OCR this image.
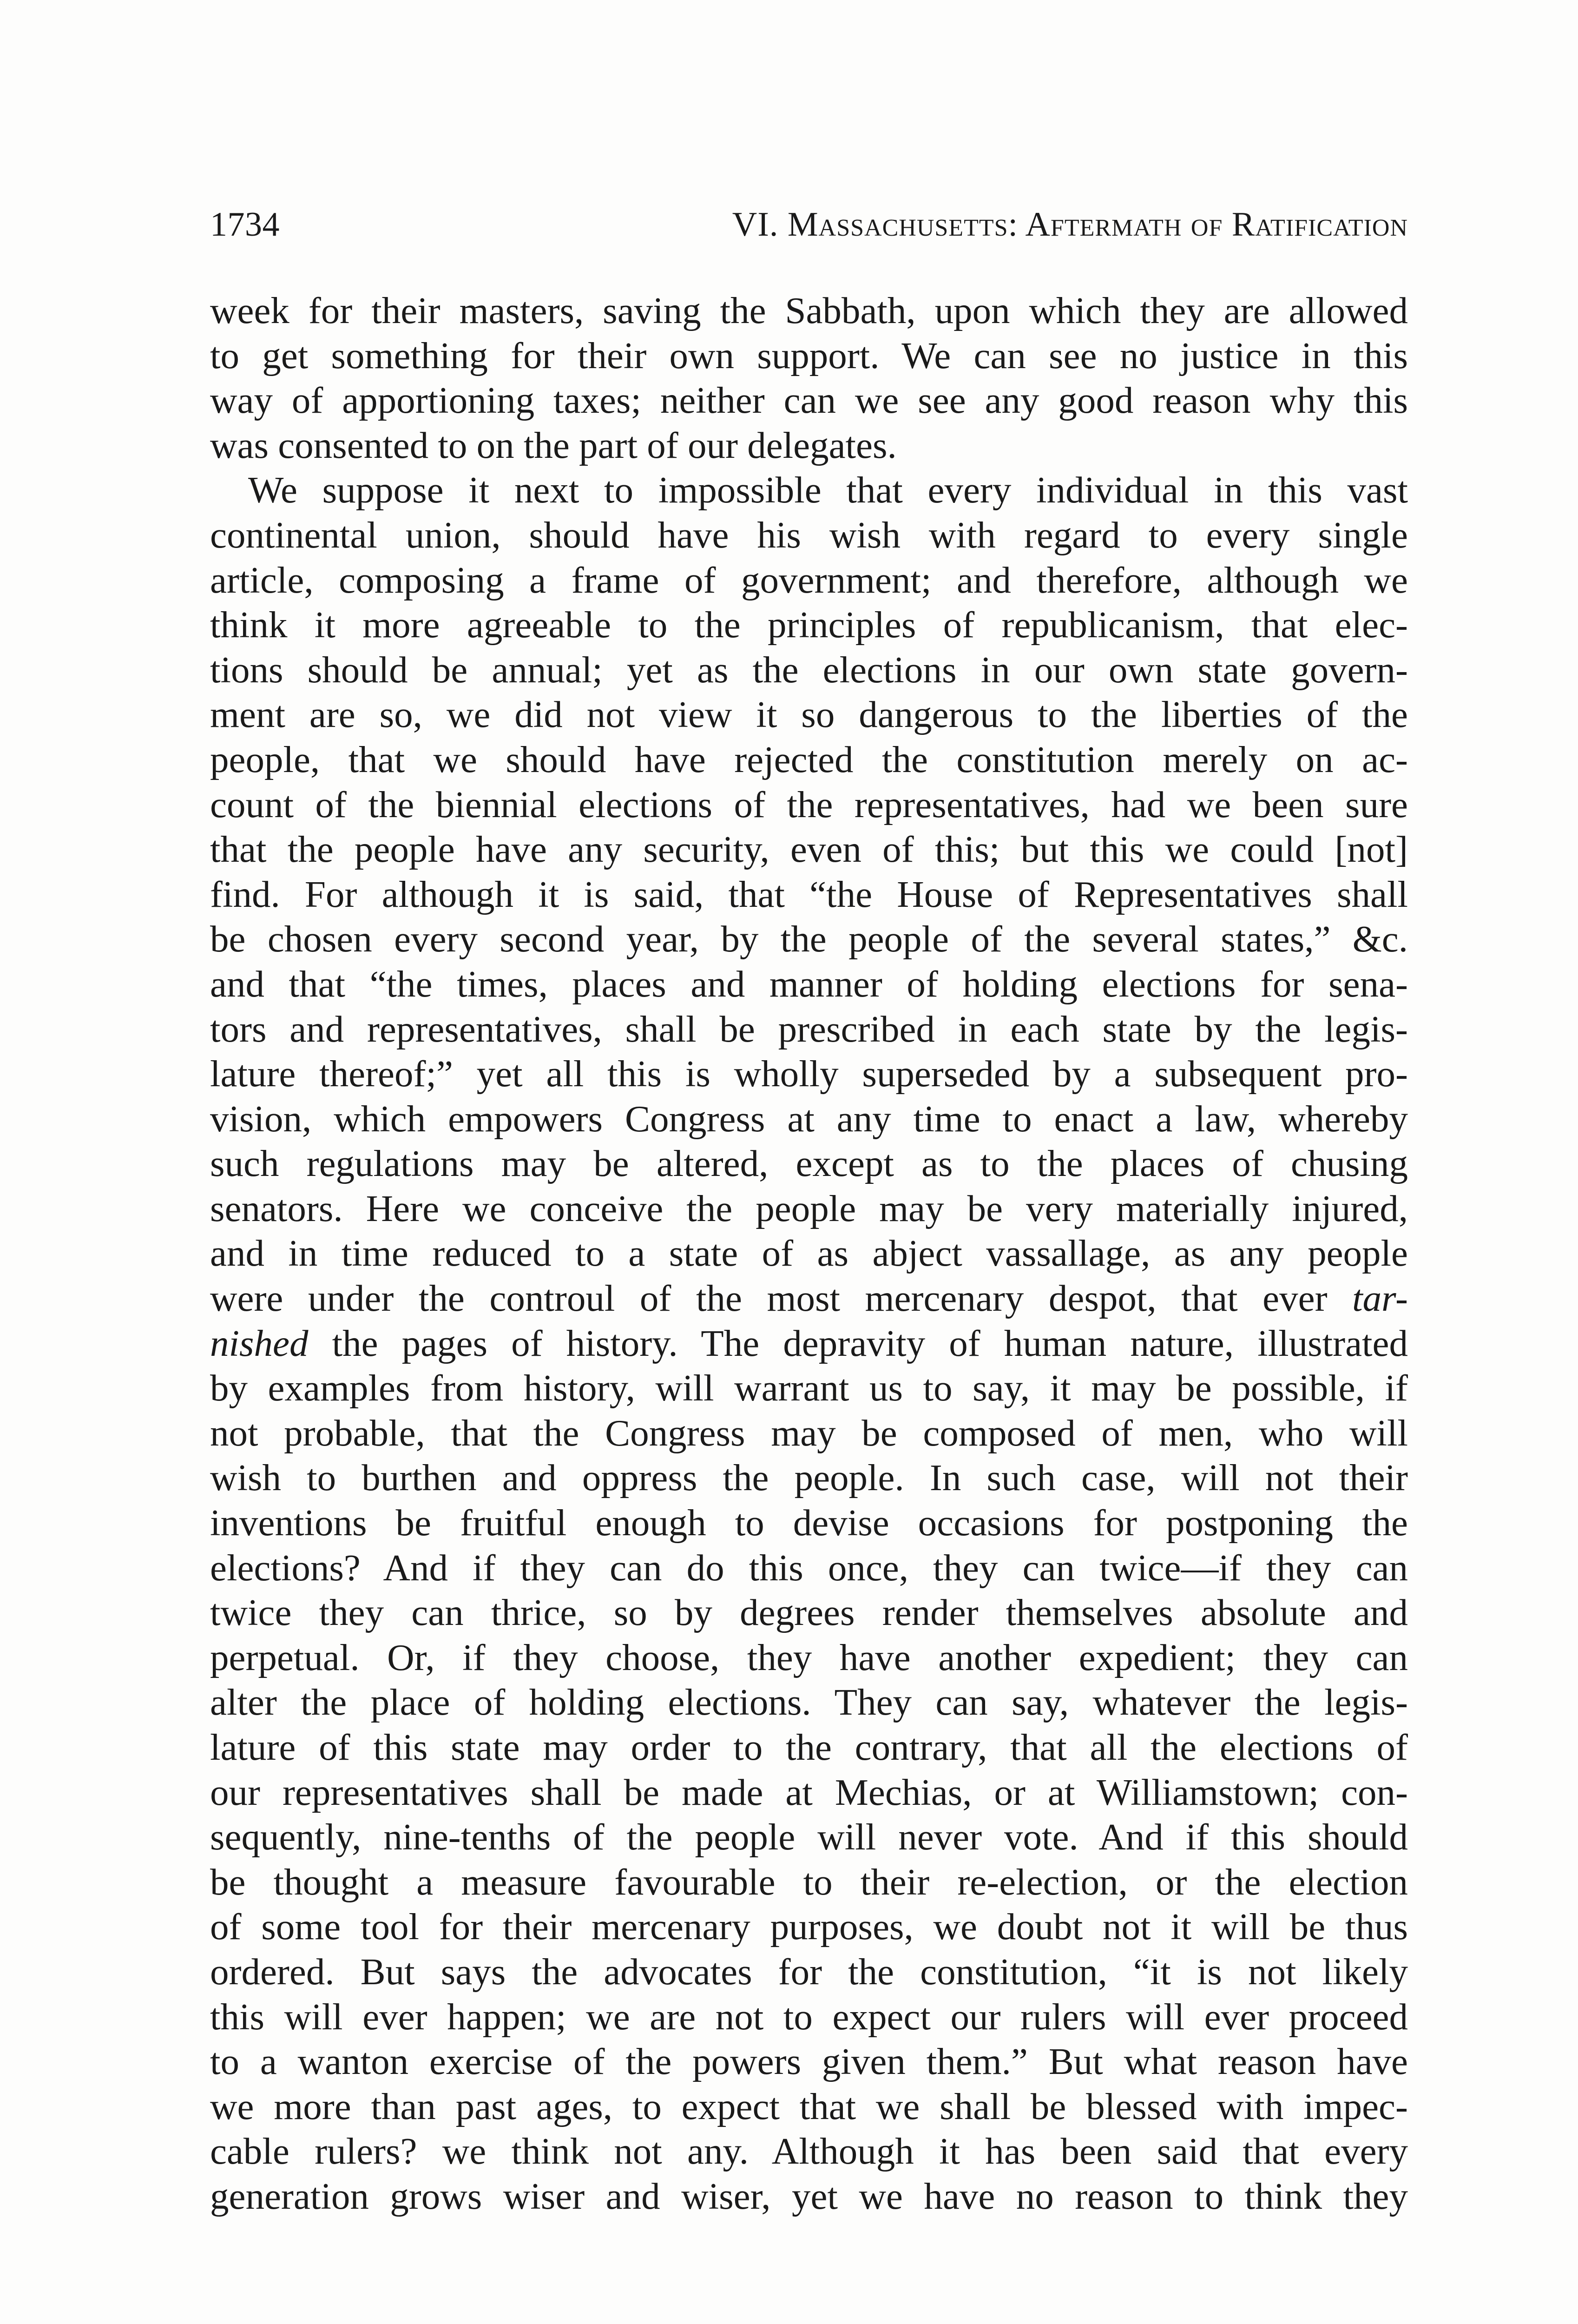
1734	VI. Massachusetts: Aftermath of Ratification
week for their masters, saving the Sabbath, upon which they are allowed
to get something for their own support. We can see no justice in this
way of apportioning taxes; neither can we see any good reason why this
was consented to on the part of our delegates.
We suppose it next to impossible that every individual in this vast
continental union, should have his wish with regard to every single
article, composing a frame of government; and therefore, although we
think it more agreeable to the principles of republicanism, that elec-
tions should be annual; yet as the elections in our own state govern-
ment are so, we did not view it so dangerous to the liberties of the
people, that we should have rejected the constitution merely on ac-
count of the biennial elections of the representatives, had we been sure
that the people have any security, even of this; but this we could [not]
find. For although it is said, that “the House of Representatives shall
be chosen every second year, by the people of the several states,” &c.
and that “the times, places and manner of holding elections for sena-
tors and representatives, shall be prescribed in each state by the legis-
lature thereof;” yet all this is wholly superseded by a subsequent pro-
vision, which empowers Congress at any time to enact a law, whereby
such regulations may be altered, except as to the places of chusing
senators. Here we conceive the people may be very materially injured,
and in time reduced to a state of as abject vassallage, as any people
were under the controul of the most mercenary despot, that ever tar-
nished the pages of history. The depravity of human nature, illustrated
by examples from history, will warrant us to say, it may be possible, if
not probable, that the Congress may be composed of men, who will
wish to burthen and oppress the people. In such case, will not their
inventions be fruitful enough to devise occasions for postponing the
elections? And if they can do this once, they can twice—if they can
twice they can thrice, so by degrees render themselves absolute and
perpetual. Or, if they choose, they have another expedient; they can
alter the place of holding elections. They can say, whatever the legis-
lature of this state may order to the contrary, that all the elections of
our representatives shall be made at Mechias, or at Williamstown; con-
sequently, nine-tenths of the people will never vote. And if this should
be thought a measure favourable to their re-election, or the election
of some tool for their mercenary purposes, we doubt not it will be thus
ordered. But says the advocates for the constitution, “it is not likely
this will ever happen; we are not to expect our rulers will ever proceed
to a wanton exercise of the powers given them.” But what reason have
we more than past ages, to expect that we shall be blessed with impec-
cable rulers? we think not any. Although it has been said that every
generation grows wiser and wiser, yet we have no reason to think they
